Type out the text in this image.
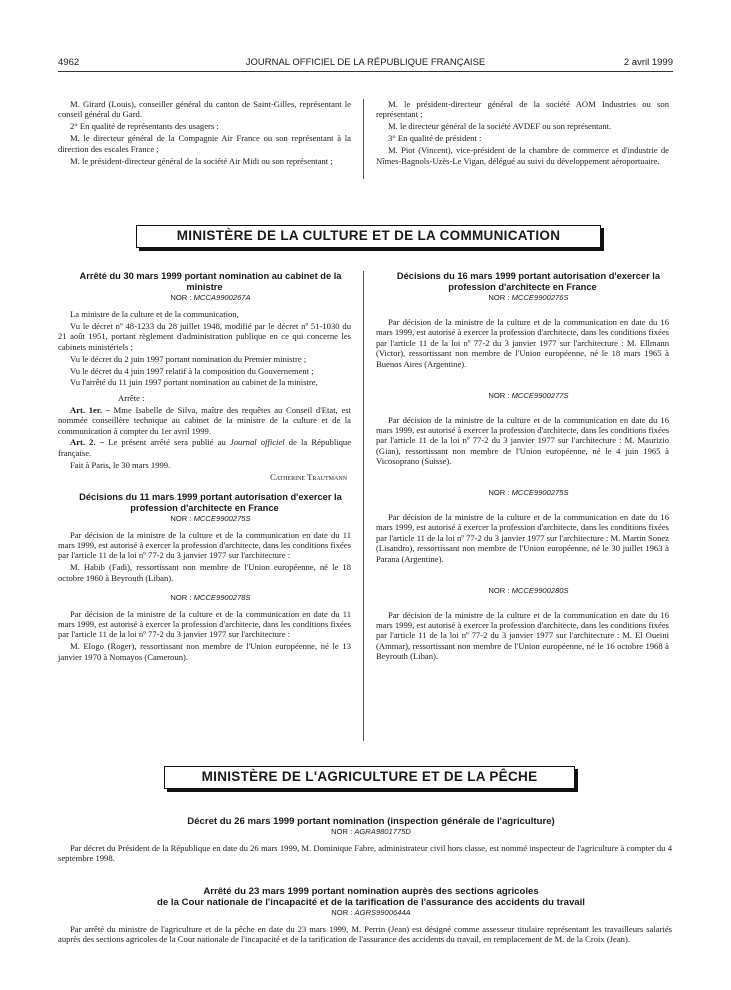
4962	JOURNAL OFFICIEL DE LA RÉPUBLIQUE FRANÇAISE	2 avril 1999

M. Girard (Louis), conseiller général du canton de Saint-Gilles, représentant le conseil général du Gard.

2° En qualité de représentants des usagers :

M. le directeur général de la Compagnie Air France ou son représentant à la direction des escales France ;

M. le président-directeur général de la société Air Midi ou son représentant ;

M. le président-directeur général de la société AOM Industries ou son représentant ;

M. le directeur général de la société AVDEF ou son représentant.

3° En qualité de président :

M. Piot (Vincent), vice-président de la chambre de commerce et d'industrie de Nîmes-Bagnols-Uzès-Le Vigan, délégué au suivi du développement aéroportuaire.

MINISTÈRE DE LA CULTURE ET DE LA COMMUNICATION

Arrêté du 30 mars 1999 portant nomination au cabinet de la ministre

NOR : MCCA9900267A

La ministre de la culture et de la communication,

Vu le décret nº 48-1233 du 28 juillet 1948, modifié par le décret nº 51-1030 du 21 août 1951, portant règlement d'administration publique en ce qui concerne les cabinets ministériels ;

Vu le décret du 2 juin 1997 portant nomination du Premier ministre ;

Vu le décret du 4 juin 1997 relatif à la composition du Gouvernement ;

Vu l'arrêté du 11 juin 1997 portant nomination au cabinet de la ministre,

Arrête :

Art. 1er. – Mme Isabelle de Silva, maître des requêtes au Conseil d'Etat, est nommée conseillère technique au cabinet de la ministre de la culture et de la communication à compter du 1er avril 1999.

Art. 2. – Le présent arrêté sera publié au Journal officiel de la République française.

Fait à Paris, le 30 mars 1999.

Catherine Trautmann

Décisions du 11 mars 1999 portant autorisation d'exercer la profession d'architecte en France

NOR : MCCE9900275S

Par décision de la ministre de la culture et de la communication en date du 11 mars 1999, est autorisé à exercer la profession d'architecte, dans les conditions fixées par l'article 11 de la loi nº 77-2 du 3 janvier 1977 sur l'architecture :

M. Habib (Fadi), ressortissant non membre de l'Union européenne, né le 18 octobre 1960 à Beyrouth (Liban).

NOR : MCCE9900278S

Par décision de la ministre de la culture et de la communication en date du 11 mars 1999, est autorisé à exercer la profession d'architecte, dans les conditions fixées par l'article 11 de la loi nº 77-2 du 3 janvier 1977 sur l'architecture :

M. Elogo (Roger), ressortissant non membre de l'Union européenne, né le 13 janvier 1970 à Nomayos (Cameroun).

Décisions du 16 mars 1999 portant autorisation d'exercer la profession d'architecte en France

NOR : MCCE9900276S

Par décision de la ministre de la culture et de la communication en date du 16 mars 1999, est autorisé à exercer la profession d'architecte, dans les conditions fixées par l'article 11 de la loi nº 77-2 du 3 janvier 1977 sur l'architecture : M. Ellmann (Victor), ressortissant non membre de l'Union européenne, né le 18 mars 1965 à Buenos Aires (Argentine).

NOR : MCCE9900277S

Par décision de la ministre de la culture et de la communication en date du 16 mars 1999, est autorisé à exercer la profession d'architecte, dans les conditions fixées par l'article 11 de la loi nº 77-2 du 3 janvier 1977 sur l'architecture : M. Maurizio (Gian), ressortissant non membre de l'Union européenne, né le 4 juin 1965 à Vicosoprano (Suisse).

NOR : MCCE9900275S

Par décision de la ministre de la culture et de la communication en date du 16 mars 1999, est autorisé à exercer la profession d'architecte, dans les conditions fixées par l'article 11 de la loi nº 77-2 du 3 janvier 1977 sur l'architecture : M. Martin Sonez (Lisandro), ressortissant non membre de l'Union européenne, né le 30 juillet 1963 à Parana (Argentine).

NOR : MCCE9900280S

Par décision de la ministre de la culture et de la communication en date du 16 mars 1999, est autorisé à exercer la profession d'architecte, dans les conditions fixées par l'article 11 de la loi nº 77-2 du 3 janvier 1977 sur l'architecture : M. El Oueini (Ammar), ressortissant non membre de l'Union européenne, né le 16 octobre 1968 à Beyrouth (Liban).

MINISTÈRE DE L'AGRICULTURE ET DE LA PÊCHE

Décret du 26 mars 1999 portant nomination (inspection générale de l'agriculture)

NOR : AGRA9801775D

Par décret du Président de la République en date du 26 mars 1999, M. Dominique Fabre, administrateur civil hors classe, est nommé inspecteur de l'agriculture à compter du 4 septembre 1998.

Arrêté du 23 mars 1999 portant nomination auprès des sections agricoles

de la Cour nationale de l'incapacité et de la tarification de l'assurance des accidents du travail

NOR : AGRS9900644A

Par arrêté du ministre de l'agriculture et de la pêche en date du 23 mars 1999, M. Perrin (Jean) est désigné comme assesseur titulaire représentant les travailleurs salariés auprès des sections agricoles de la Cour nationale de l'incapacité et de la tarification de l'assurance des accidents du travail, en remplacement de M. de la Croix (Jean).
